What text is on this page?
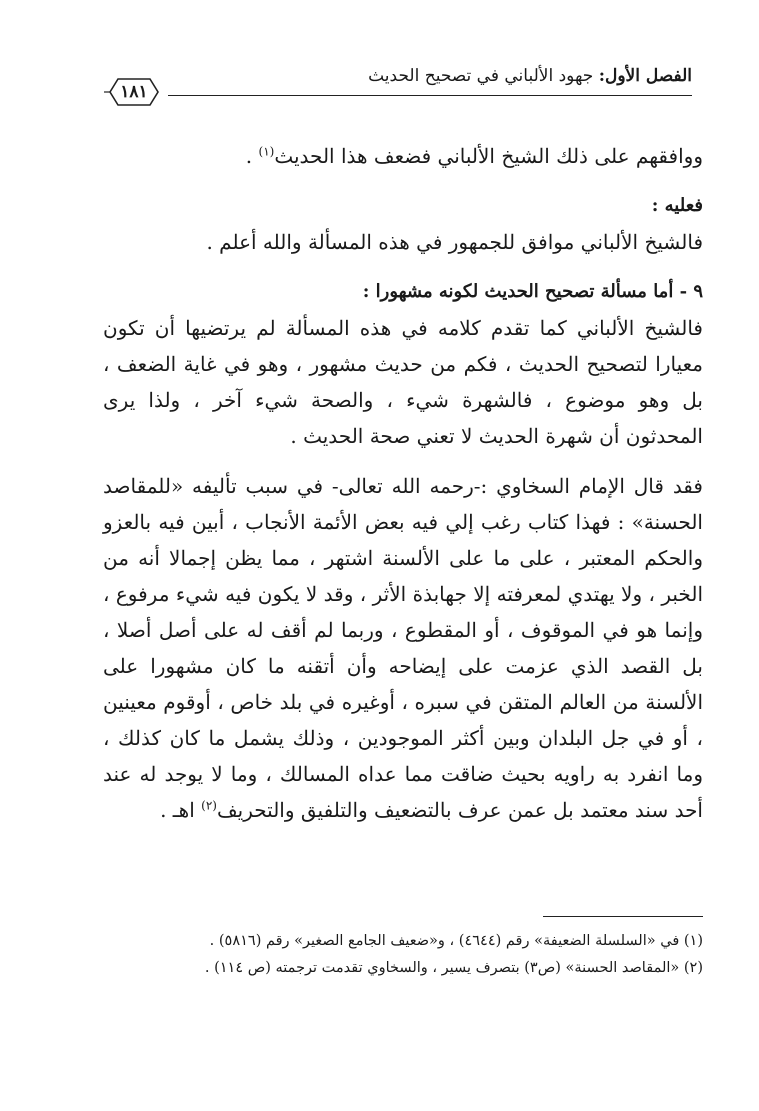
الفصل الأول: جهود الألباني في تصحيح الحديث
١٨١

ووافقهم على ذلك الشيخ الألباني فضعف هذا الحديث$^{(١)}$ .

فعليه :

فالشيخ الألباني موافق للجمهور في هذه المسألة والله أعلم .

٩ - أما مسألة تصحيح الحديث لكونه مشهورا :

فالشيخ الألباني كما تقدم كلامه في هذه المسألة لم يرتضيها أن تكون معيارا لتصحيح الحديث ، فكم من حديث مشهور ، وهو في غاية الضعف ، بل وهو موضوع ، فالشهرة شيء ، والصحة شيء آخر ، ولذا يرى المحدثون أن شهرة الحديث لا تعني صحة الحديث .

فقد قال الإمام السخاوي :-رحمه الله تعالى- في سبب تأليفه «للمقاصد الحسنة» : فهذا كتاب رغب إلي فيه بعض الأئمة الأنجاب ، أبين فيه بالعزو والحكم المعتبر ، على ما على الألسنة اشتهر ، مما يظن إجمالا أنه من الخبر ، ولا يهتدي لمعرفته إلا جهابذة الأثر ، وقد لا يكون فيه شيء مرفوع ، وإنما هو في الموقوف ، أو المقطوع ، وربما لم أقف له على أصل أصلا ، بل القصد الذي عزمت على إيضاحه وأن أتقنه ما كان مشهورا على الألسنة من العالم المتقن في سبره ، أوغيره في بلد خاص ، أوقوم معينين ، أو في جل البلدان وبين أكثر الموجودين ، وذلك يشمل ما كان كذلك ، وما انفرد به راويه بحيث ضاقت مما عداه المسالك ، وما لا يوجد له عند أحد سند معتمد بل عمن عرف بالتضعيف والتلفيق والتحريف$^{(٢)}$ اهـ .

(١) في «السلسلة الضعيفة» رقم (٤٦٤٤) ، و«ضعيف الجامع الصغير» رقم (٥٨١٦) .

(٢) «المقاصد الحسنة» (ص٣) بتصرف يسير ، والسخاوي تقدمت ترجمته (ص ١١٤) .
